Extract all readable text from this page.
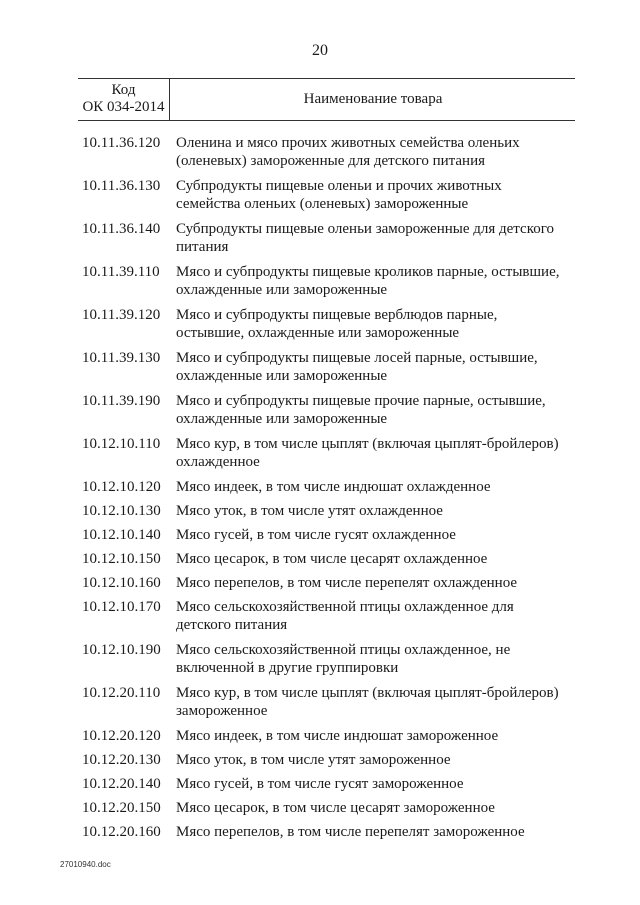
20
Код
ОК 034-2014	Наименование товара
10.11.36.120 Оленина и мясо прочих животных семейства оленьих
(оленевых) замороженные для детского питания
10.11.36.130 Субпродукты пищевые оленьи и прочих животных
семейства оленьих (оленевых) замороженные
10.11.36.140 Субпродукты пищевые оленьи замороженные для детского
питания
10.11.39.110 Мясо и субпродукты пищевые кроликов парные, остывшие,
охлажденные или замороженные
10.11.39.120 Мясо и субпродукты пищевые верблюдов парные,
остывшие, охлажденные или замороженные
10.11.39.130 Мясо и субпродукты пищевые лосей парные, остывшие,
охлажденные или замороженные
10.11.39.190 Мясо и субпродукты пищевые прочие парные, остывшие,
охлажденные или замороженные
10.12.10.110 Мясо кур, в том числе цыплят (включая цыплят-бройлеров)
охлажденное
10.12.10.120 Мясо индеек, в том числе индюшат охлажденное
10.12.10.130 Мясо уток, в том числе утят охлажденное
10.12.10.140 Мясо гусей, в том числе гусят охлажденное
10.12.10.150 Мясо цесарок, в том числе цесарят охлажденное
10.12.10.160 Мясо перепелов, в том числе перепелят охлажденное
10.12.10.170 Мясо сельскохозяйственной птицы охлажденное для
детского питания
10.12.10.190 Мясо сельскохозяйственной птицы охлажденное, не
включенной в другие группировки
10.12.20.110 Мясо кур, в том числе цыплят (включая цыплят-бройлеров)
замороженное
10.12.20.120 Мясо индеек, в том числе индюшат замороженное
10.12.20.130 Мясо уток, в том числе утят замороженное
10.12.20.140 Мясо гусей, в том числе гусят замороженное
10.12.20.150 Мясо цесарок, в том числе цесарят замороженное
10.12.20.160 Мясо перепелов, в том числе перепелят замороженное
27010940.doc
